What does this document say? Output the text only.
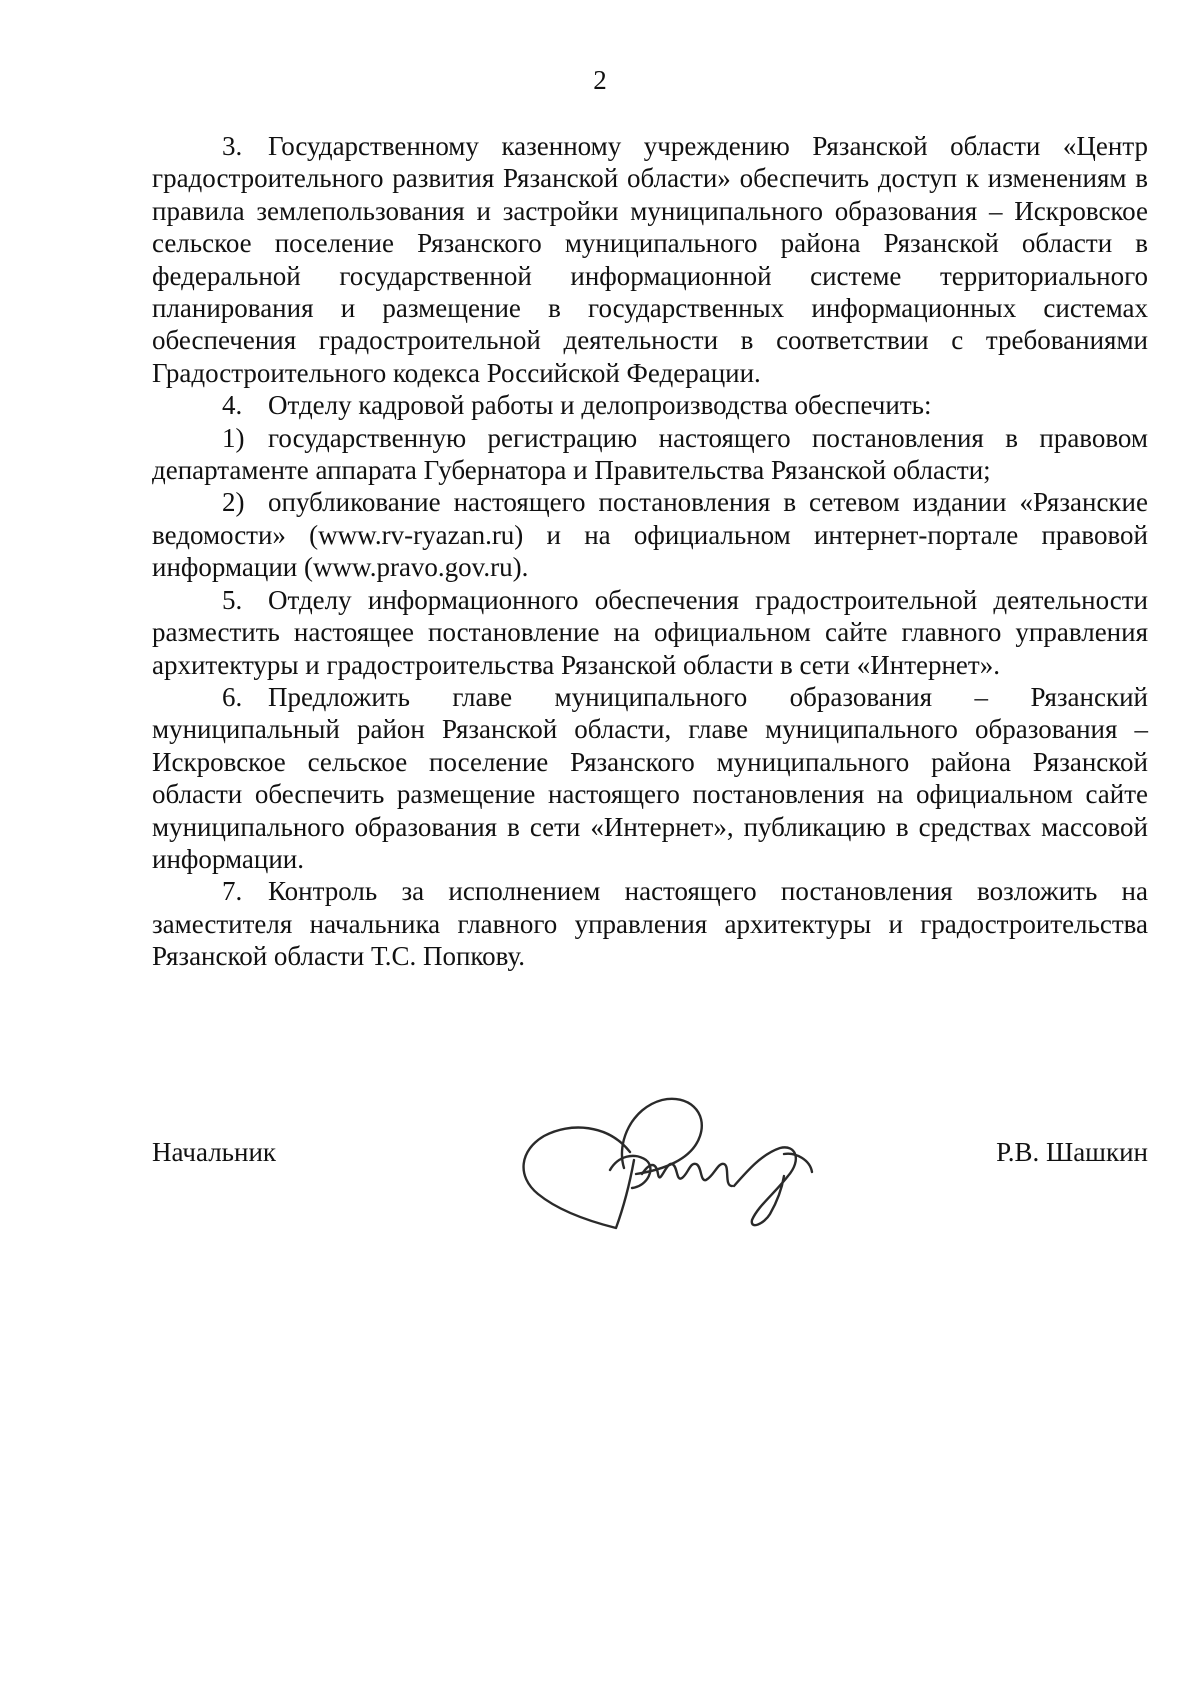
2

3. Государственному казенному учреждению Рязанской области «Центр градостроительного развития Рязанской области» обеспечить доступ к изменениям в правила землепользования и застройки муниципального образования – Искровское сельское поселение Рязанского муниципального района Рязанской области в федеральной государственной информационной системе территориального планирования и размещение в государственных информационных системах обеспечения градостроительной деятельности в соответствии с требованиями Градостроительного кодекса Российской Федерации.

4. Отделу кадровой работы и делопроизводства обеспечить:

1) государственную регистрацию настоящего постановления в правовом департаменте аппарата Губернатора и Правительства Рязанской области;

2) опубликование настоящего постановления в сетевом издании «Рязанские ведомости» (www.rv-ryazan.ru) и на официальном интернет-портале правовой информации (www.pravo.gov.ru).

5. Отделу информационного обеспечения градостроительной деятельности разместить настоящее постановление на официальном сайте главного управления архитектуры и градостроительства Рязанской области в сети «Интернет».

6. Предложить главе муниципального образования – Рязанский муниципальный район Рязанской области, главе муниципального образования – Искровское сельское поселение Рязанского муниципального района Рязанской области обеспечить размещение настоящего постановления на официальном сайте муниципального образования в сети «Интернет», публикацию в средствах массовой информации.

7. Контроль за исполнением настоящего постановления возложить на заместителя начальника главного управления архитектуры и градостроительства Рязанской области Т.С. Попкову.

Начальник	Р.В. Шашкин
